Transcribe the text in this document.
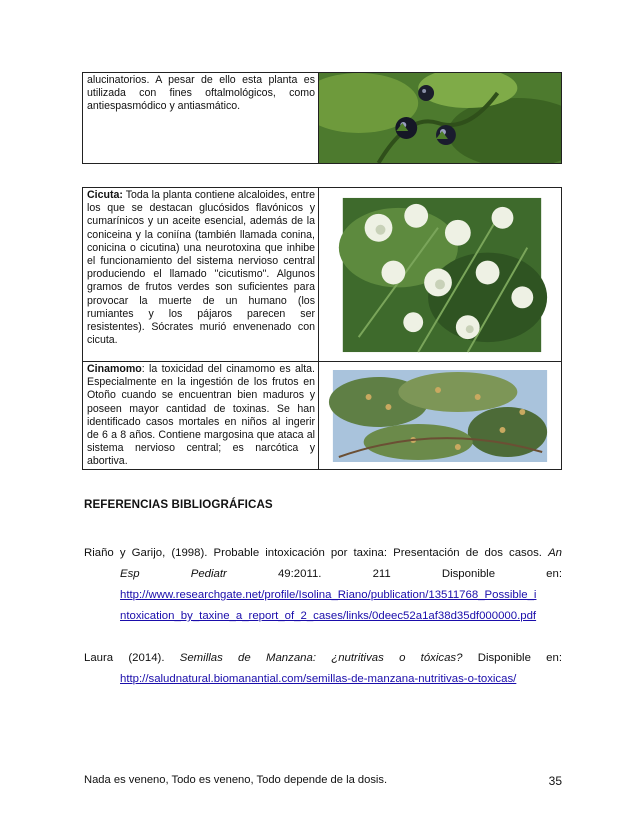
alucinatorios. A pesar de ello esta planta es utilizada con fines oftalmológicos, como antiespasmódico y antiasmático.
Cicuta: Toda la planta contiene alcaloides, entre los que se destacan glucósidos flavónicos y cumarínicos y un aceite esencial, además de la coniceina y la coniína (también llamada conina, conicina o cicutina) una neurotoxina que inhibe el funcionamiento del sistema nervioso central produciendo el llamado "cicutismo". Algunos gramos de frutos verdes son suficientes para provocar la muerte de un humano (los rumiantes y los pájaros parecen ser resistentes). Sócrates murió envenenado con cicuta.
Cinamomo: la toxicidad del cinamomo es alta. Especialmente en la ingestión de los frutos en Otoño cuando se encuentran bien maduros y poseen mayor cantidad de toxinas. Se han identificado casos mortales en niños al ingerir de 6 a 8 años. Contiene margosina que ataca al sistema nervioso central; es narcótica y abortiva.
REFERENCIAS BIBLIOGRÁFICAS
Riaño y Garijo, (1998). Probable intoxicación por taxina: Presentación de dos casos. An
Esp Pediatr	49:2011. 211 Disponible en:
http://www.researchgate.net/profile/Isolina_Riano/publication/13511768_Possible_i
ntoxication_by_taxine_a_report_of_2_cases/links/0deec52a1af38d35df000000.pdf
Laura (2014). Semillas de Manzana: ¿nutritivas o tóxicas? Disponible en:
http://saludnatural.biomanantial.com/semillas-de-manzana-nutritivas-o-toxicas/
Nada es veneno, Todo es veneno, Todo depende de la dosis.	35
